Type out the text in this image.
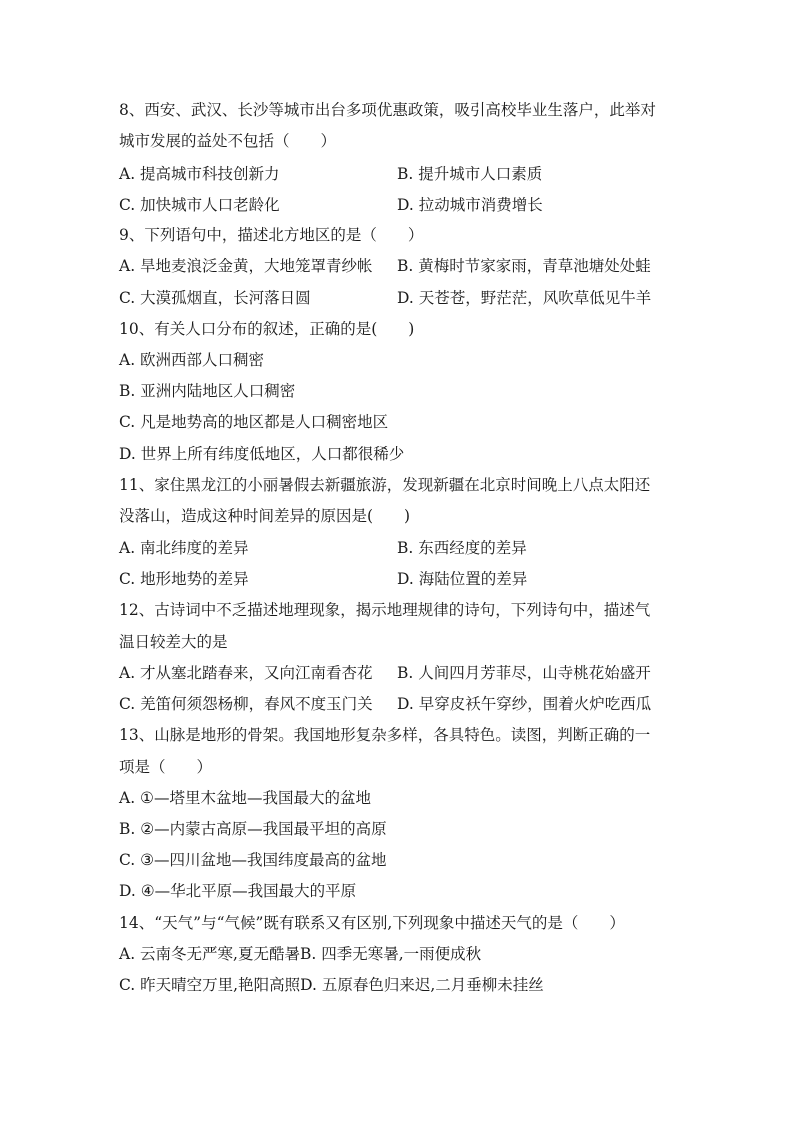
8、西安、武汉、长沙等城市出台多项优惠政策，吸引高校毕业生落户，此举对
城市发展的益处不包括（　　）
A. 提高城市科技创新力	B. 提升城市人口素质
C. 加快城市人口老龄化	D. 拉动城市消费增长
9、下列语句中，描述北方地区的是（　　）
A. 旱地麦浪泛金黄，大地笼罩青纱帐 B. 黄梅时节家家雨，青草池塘处处蛙
C. 大漠孤烟直，长河落日圆	D. 天苍苍，野茫茫，风吹草低见牛羊
10、有关人口分布的叙述，正确的是(　　)
A. 欧洲西部人口稠密
B. 亚洲内陆地区人口稠密
C. 凡是地势高的地区都是人口稠密地区
D. 世界上所有纬度低地区，人口都很稀少
11、家住黑龙江的小丽暑假去新疆旅游，发现新疆在北京时间晚上八点太阳还
没落山，造成这种时间差异的原因是(　　)
A. 南北纬度的差异	B. 东西经度的差异
C. 地形地势的差异	D. 海陆位置的差异
12、古诗词中不乏描述地理现象，揭示地理规律的诗句，下列诗句中，描述气
温日较差大的是
A. 才从塞北踏春来，又向江南看杏花 B. 人间四月芳菲尽，山寺桃花始盛开
C. 羌笛何须怨杨柳，春风不度玉门关 D. 早穿皮袄午穿纱，围着火炉吃西瓜
13、山脉是地形的骨架。我国地形复杂多样，各具特色。读图，判断正确的一
项是（　　）
A. ①—塔里木盆地—我国最大的盆地
B. ②—内蒙古高原—我国最平坦的高原
C. ③—四川盆地—我国纬度最高的盆地
D. ④—华北平原—我国最大的平原
14、“天气”与“气候”既有联系又有区别,下列现象中描述天气的是（　　）
A. 云南冬无严寒,夏无酷暑B. 四季无寒暑,一雨便成秋
C. 昨天晴空万里,艳阳高照D. 五原春色归来迟,二月垂柳未挂丝
